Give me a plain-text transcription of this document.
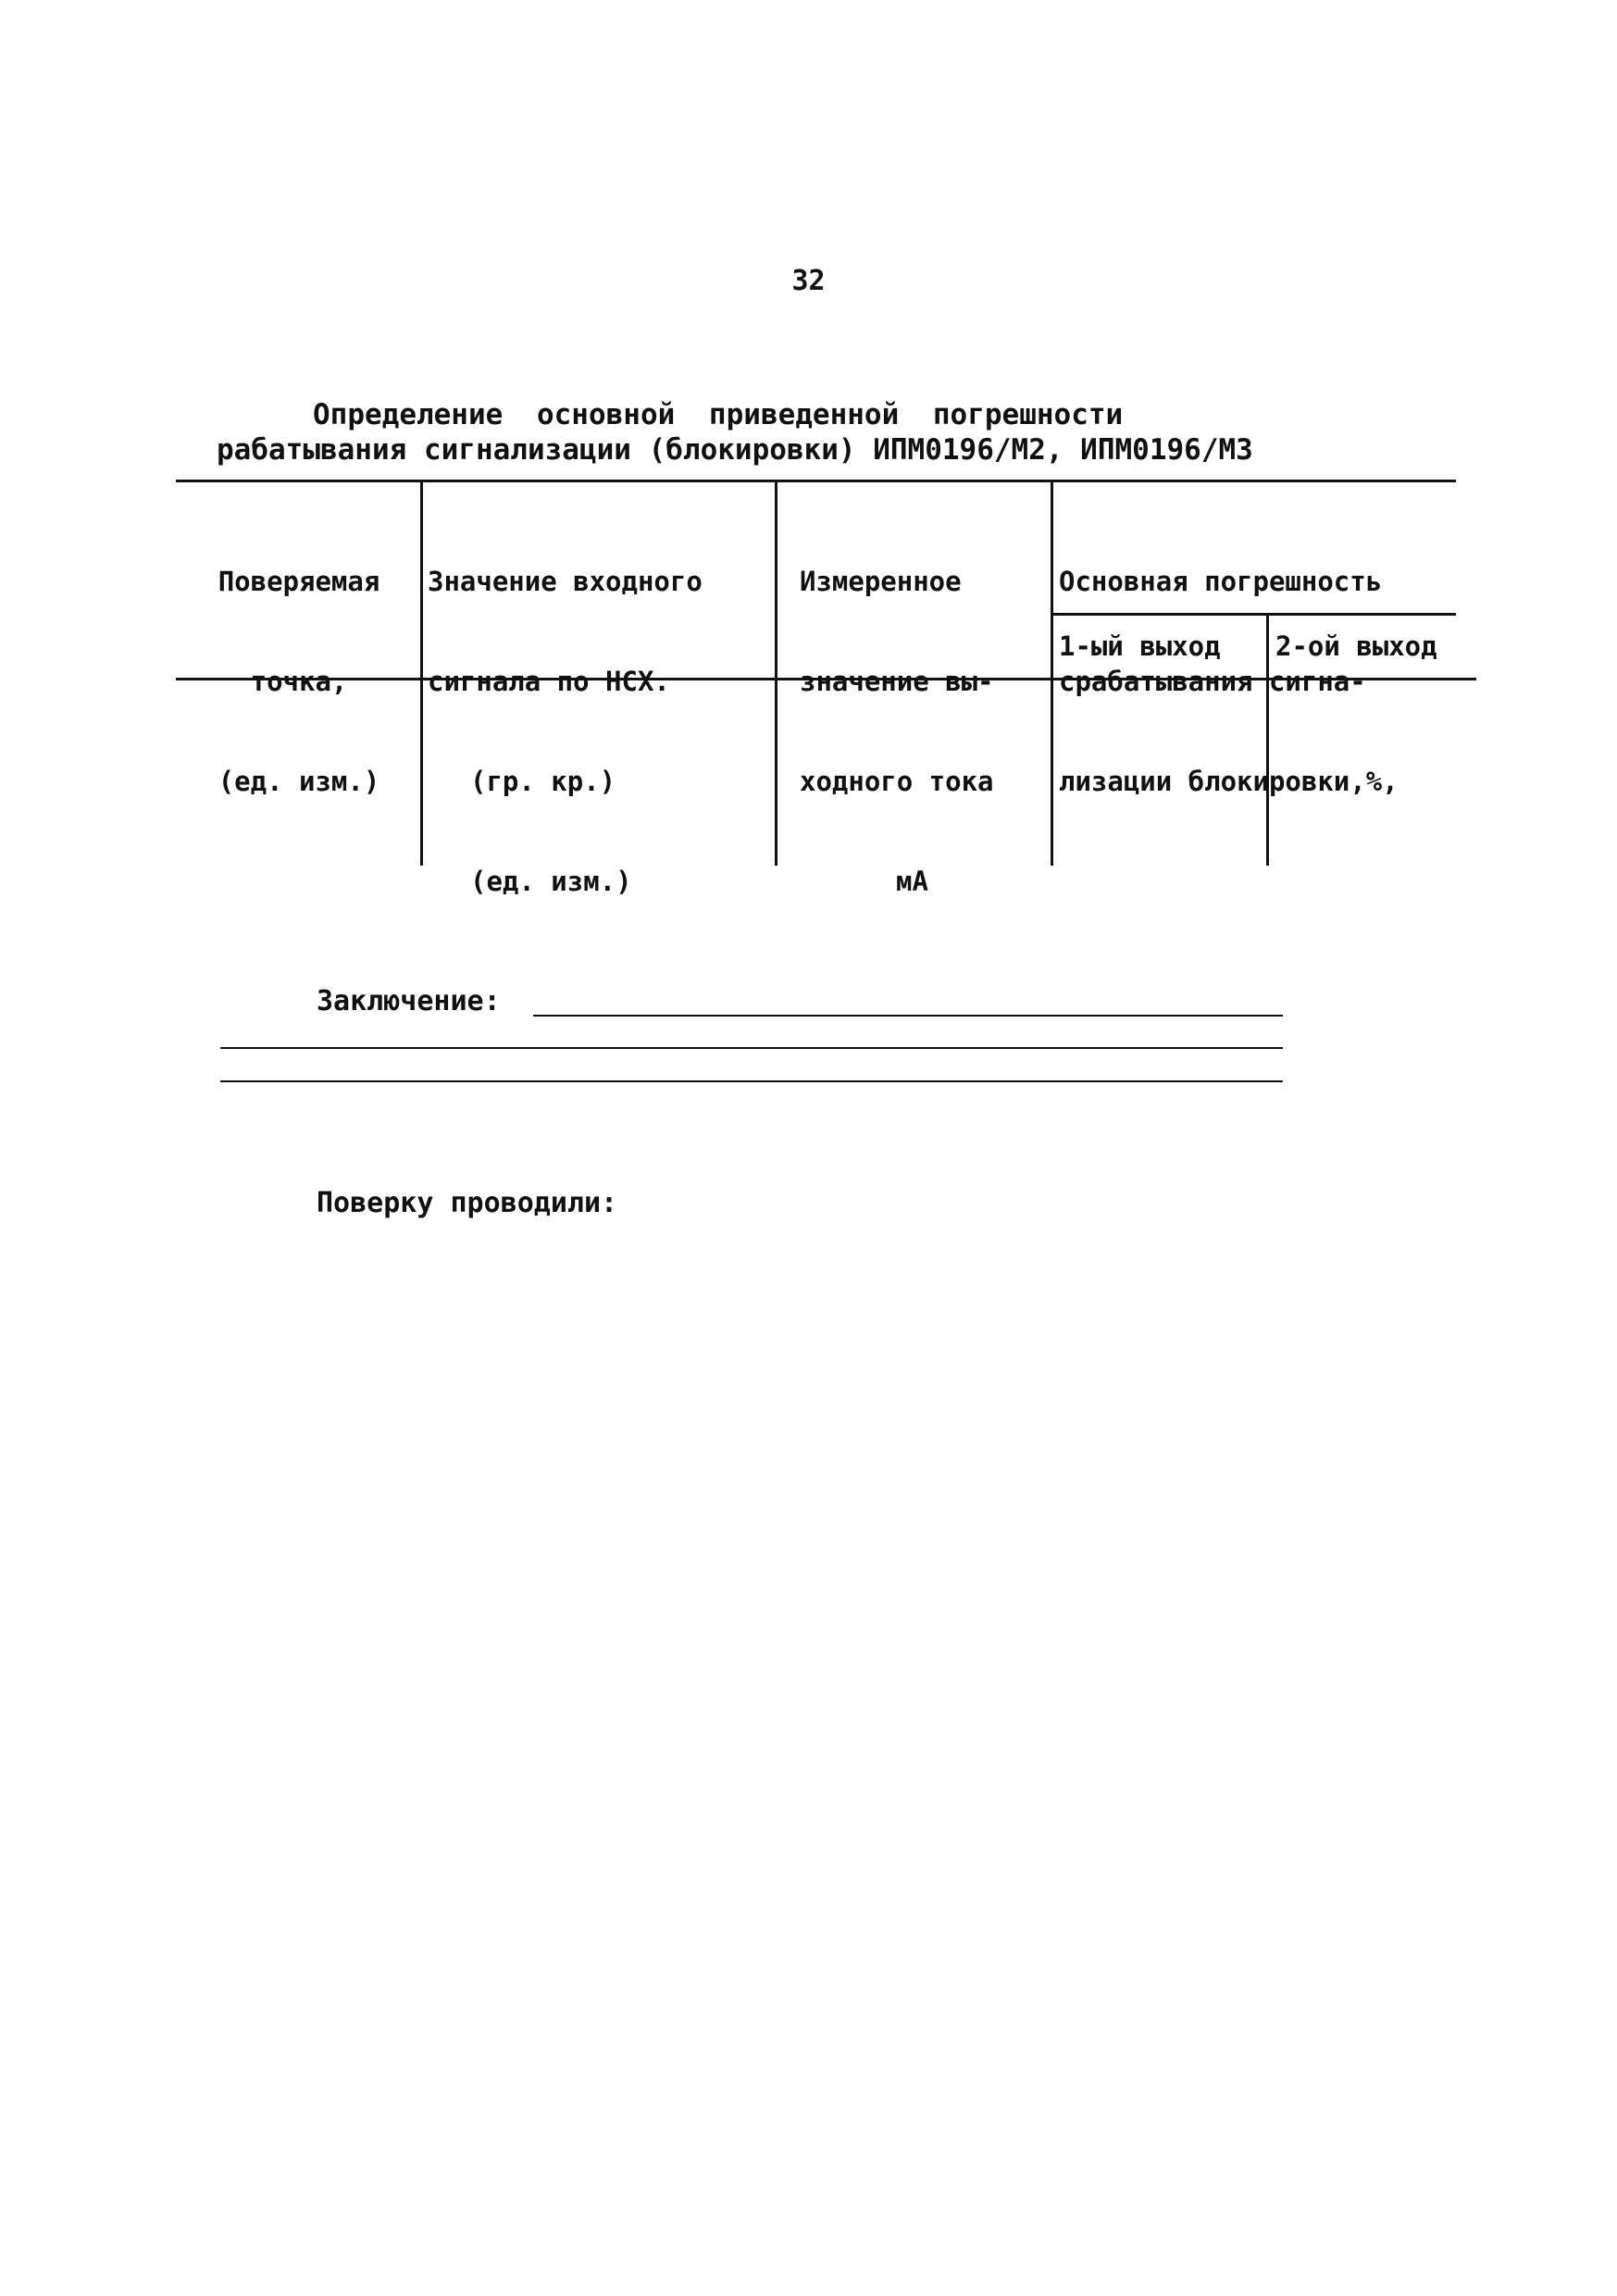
32
Определение основной приведенной погрешности
рабатывания сигнализации (блокировки) ИПМ0196/М2, ИПМ0196/М3

Поверяемая

точка,

(ед. изм.)

Значение входного

сигнала по НСХ.

(гр. кр.)

(ед. изм.)

Измеренное

значение вы-

ходного тока

мА

Основная погрешность

срабатывания сигна-

лизации блокировки,%,

1-ый выход 2-ой выход
Заключение:
Поверку проводили:
